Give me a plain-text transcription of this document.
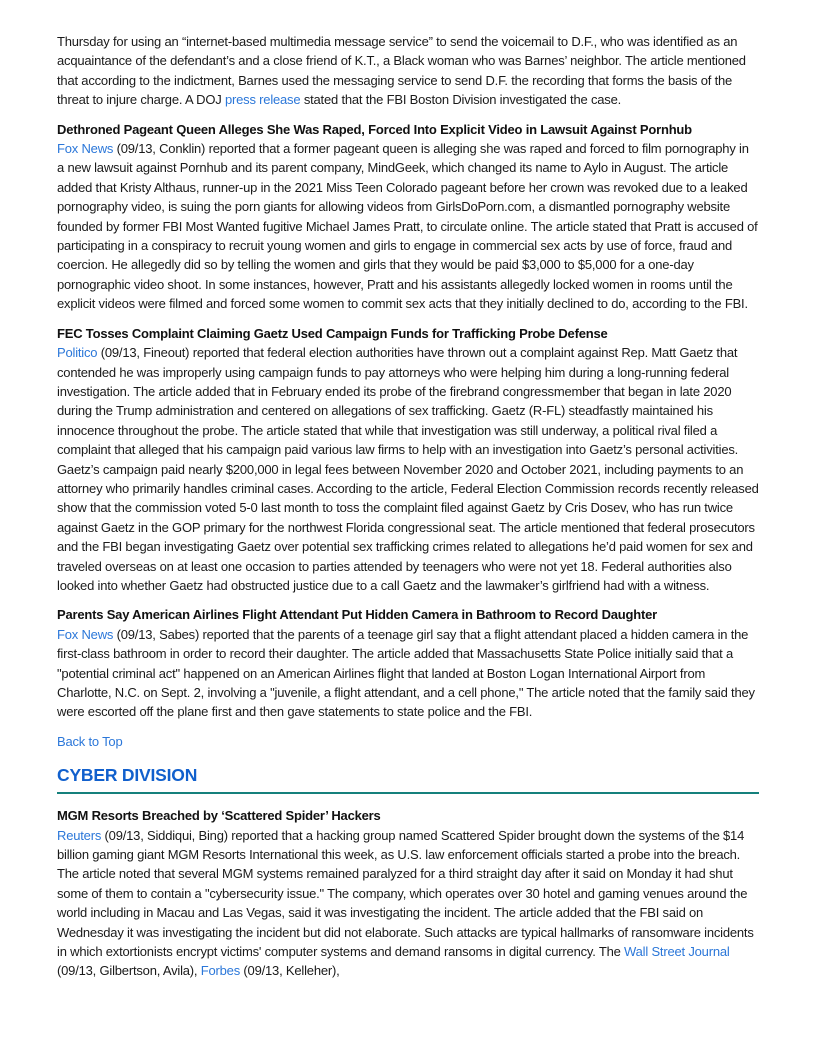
Thursday for using an “internet-based multimedia message service” to send the voicemail to D.F., who was identified as an acquaintance of the defendant’s and a close friend of K.T., a Black woman who was Barnes’ neighbor. The article mentioned that according to the indictment, Barnes used the messaging service to send D.F. the recording that forms the basis of the threat to injure charge. A DOJ press release stated that the FBI Boston Division investigated the case.

Dethroned Pageant Queen Alleges She Was Raped, Forced Into Explicit Video in Lawsuit Against Pornhub

Fox News (09/13, Conklin) reported that a former pageant queen is alleging she was raped and forced to film pornography in a new lawsuit against Pornhub and its parent company, MindGeek, which changed its name to Aylo in August. The article added that Kristy Althaus, runner-up in the 2021 Miss Teen Colorado pageant before her crown was revoked due to a leaked pornography video, is suing the porn giants for allowing videos from GirlsDoPorn.com, a dismantled pornography website founded by former FBI Most Wanted fugitive Michael James Pratt, to circulate online. The article stated that Pratt is accused of participating in a conspiracy to recruit young women and girls to engage in commercial sex acts by use of force, fraud and coercion. He allegedly did so by telling the women and girls that they would be paid $3,000 to $5,000 for a one-day pornographic video shoot. In some instances, however, Pratt and his assistants allegedly locked women in rooms until the explicit videos were filmed and forced some women to commit sex acts that they initially declined to do, according to the FBI.

FEC Tosses Complaint Claiming Gaetz Used Campaign Funds for Trafficking Probe Defense

Politico (09/13, Fineout) reported that federal election authorities have thrown out a complaint against Rep. Matt Gaetz that contended he was improperly using campaign funds to pay attorneys who were helping him during a long-running federal investigation. The article added that in February ended its probe of the firebrand congressmember that began in late 2020 during the Trump administration and centered on allegations of sex trafficking. Gaetz (R-FL) steadfastly maintained his innocence throughout the probe. The article stated that while that investigation was still underway, a political rival filed a complaint that alleged that his campaign paid various law firms to help with an investigation into Gaetz’s personal activities. Gaetz’s campaign paid nearly $200,000 in legal fees between November 2020 and October 2021, including payments to an attorney who primarily handles criminal cases. According to the article, Federal Election Commission records recently released show that the commission voted 5-0 last month to toss the complaint filed against Gaetz by Cris Dosev, who has run twice against Gaetz in the GOP primary for the northwest Florida congressional seat. The article mentioned that federal prosecutors and the FBI began investigating Gaetz over potential sex trafficking crimes related to allegations he’d paid women for sex and traveled overseas on at least one occasion to parties attended by teenagers who were not yet 18. Federal authorities also looked into whether Gaetz had obstructed justice due to a call Gaetz and the lawmaker’s girlfriend had with a witness.

Parents Say American Airlines Flight Attendant Put Hidden Camera in Bathroom to Record Daughter

Fox News (09/13, Sabes) reported that the parents of a teenage girl say that a flight attendant placed a hidden camera in the first-class bathroom in order to record their daughter. The article added that Massachusetts State Police initially said that a "potential criminal act" happened on an American Airlines flight that landed at Boston Logan International Airport from Charlotte, N.C. on Sept. 2, involving a "juvenile, a flight attendant, and a cell phone," The article noted that the family said they were escorted off the plane first and then gave statements to state police and the FBI.

Back to Top

CYBER DIVISION

MGM Resorts Breached by ‘Scattered Spider’ Hackers

Reuters (09/13, Siddiqui, Bing) reported that a hacking group named Scattered Spider brought down the systems of the $14 billion gaming giant MGM Resorts International this week, as U.S. law enforcement officials started a probe into the breach. The article noted that several MGM systems remained paralyzed for a third straight day after it said on Monday it had shut some of them to contain a "cybersecurity issue." The company, which operates over 30 hotel and gaming venues around the world including in Macau and Las Vegas, said it was investigating the incident. The article added that the FBI said on Wednesday it was investigating the incident but did not elaborate. Such attacks are typical hallmarks of ransomware incidents in which extortionists encrypt victims' computer systems and demand ransoms in digital currency. The Wall Street Journal (09/13, Gilbertson, Avila), Forbes (09/13, Kelleher),
